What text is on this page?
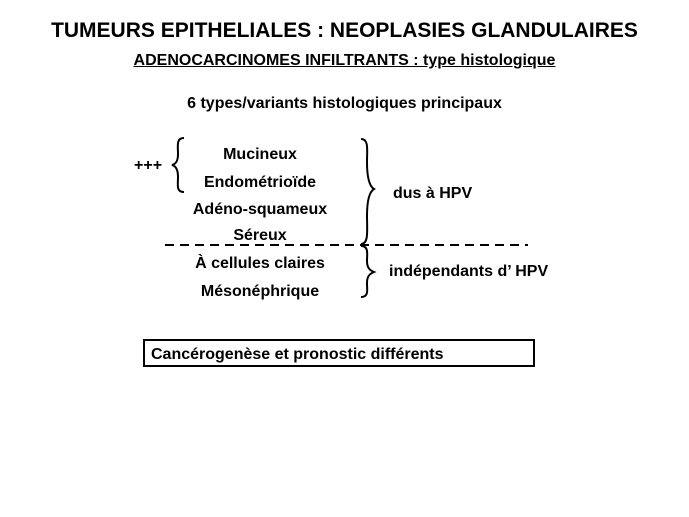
TUMEURS EPITHELIALES : NEOPLASIES GLANDULAIRES
ADENOCARCINOMES INFILTRANTS : type histologique
6 types/variants histologiques principaux
Mucineux
Endométrioïde
Adéno-squameux
Séreux
À cellules claires
Mésonéphrique
+++
dus à HPV
indépendants d’ HPV
Cancérogenèse et pronostic différents
